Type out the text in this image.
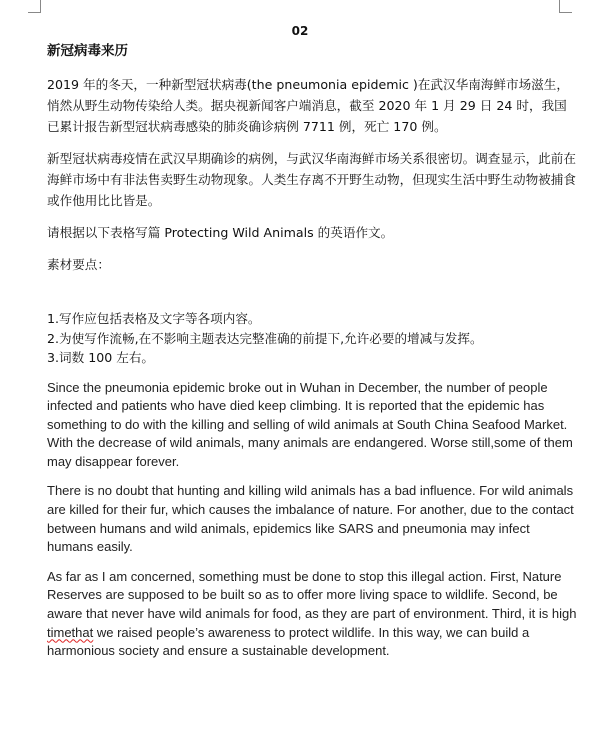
02

新冠病毒来历

2019 年的冬天，一种新型冠状病毒(the pneumonia epidemic )在武汉华南海鲜市场滋生，悄然从野生动物传染给人类。据央视新闻客户端消息，截至 2020 年 1 月 29 日 24 时，我国已累计报告新型冠状病毒感染的肺炎确诊病例 7711 例，死亡 170 例。

新型冠状病毒疫情在武汉早期确诊的病例，与武汉华南海鲜市场关系很密切。调查显示，此前在海鲜市场中有非法售卖野生动物现象。人类生存离不开野生动物，但现实生活中野生动物被捕食或作他用比比皆是。

请根据以下表格写篇 Protecting Wild Animals 的英语作文。

素材要点：

1.写作应包括表格及文字等各项内容。

2.为使写作流畅,在不影响主题表达完整准确的前提下,允许必要的增减与发挥。

3.词数 100 左右。

Since the pneumonia epidemic broke out in Wuhan in December, the number of people infected and patients who have died keep climbing. It is reported that the epidemic has something to do with the killing and selling of wild animals at South China Seafood Market. With the decrease of wild animals, many animals are endangered. Worse still,some of them may disappear forever.

There is no doubt that hunting and killing wild animals has a bad influence. For wild animals are killed for their fur, which causes the imbalance of nature. For another, due to the contact between humans and wild animals, epidemics like SARS and pneumonia may infect humans easily.

As far as I am concerned, something must be done to stop this illegal action. First, Nature Reserves are supposed to be built so as to offer more living space to wildlife. Second, be aware that never have wild animals for food, as they are part of environment. Third, it is high timethat we raised people’s awareness to protect wildlife. In this way, we can build a harmonious society and ensure a sustainable development.
